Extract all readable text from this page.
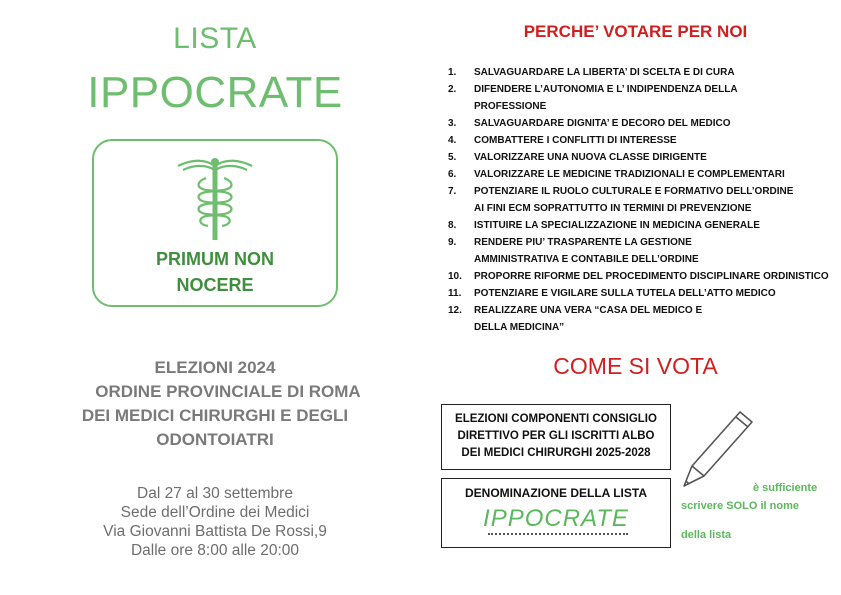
LISTA
IPPOCRATE
PRIMUM NON
NOCERE
ELEZIONI 2024
ORDINE PROVINCIALE DI ROMA
DEI MEDICI CHIRURGHI E DEGLI
ODONTOIATRI
Dal 27 al 30 settembre
Sede dell’Ordine dei Medici
Via Giovanni Battista De Rossi,9
Dalle ore 8:00 alle 20:00
PERCHE’ VOTARE PER NOI
1.	SALVAGUARDARE LA LIBERTA’ DI SCELTA E DI CURA
2.	DIFENDERE L’AUTONOMIA E L’ INDIPENDENZA DELLA
PROFESSIONE
3.	SALVAGUARDARE DIGNITA’ E DECORO DEL MEDICO
4.	COMBATTERE I CONFLITTI DI INTERESSE
5.	VALORIZZARE UNA NUOVA CLASSE DIRIGENTE
6.	VALORIZZARE LE MEDICINE TRADIZIONALI E COMPLEMENTARI
7.	POTENZIARE IL RUOLO CULTURALE E FORMATIVO DELL’ORDINE
AI FINI ECM SOPRATTUTTO IN TERMINI DI PREVENZIONE
8.	ISTITUIRE LA SPECIALIZZAZIONE IN MEDICINA GENERALE
9.	RENDERE PIU’ TRASPARENTE LA GESTIONE
AMMINISTRATIVA E CONTABILE DELL’ORDINE
10.	PROPORRE RIFORME DEL PROCEDIMENTO DISCIPLINARE ORDINISTICO
11.	POTENZIARE E VIGILARE SULLA TUTELA DELL’ATTO MEDICO
12.	REALIZZARE UNA VERA “CASA DEL MEDICO E
DELLA MEDICINA”
COME SI VOTA
ELEZIONI COMPONENTI CONSIGLIO
DIRETTIVO PER GLI ISCRITTI ALBO
DEI MEDICI CHIRURGHI 2025-2028
DENOMINAZIONE DELLA LISTA
IPPOCRATE
è sufficiente
scrivere SOLO il nome
della lista
